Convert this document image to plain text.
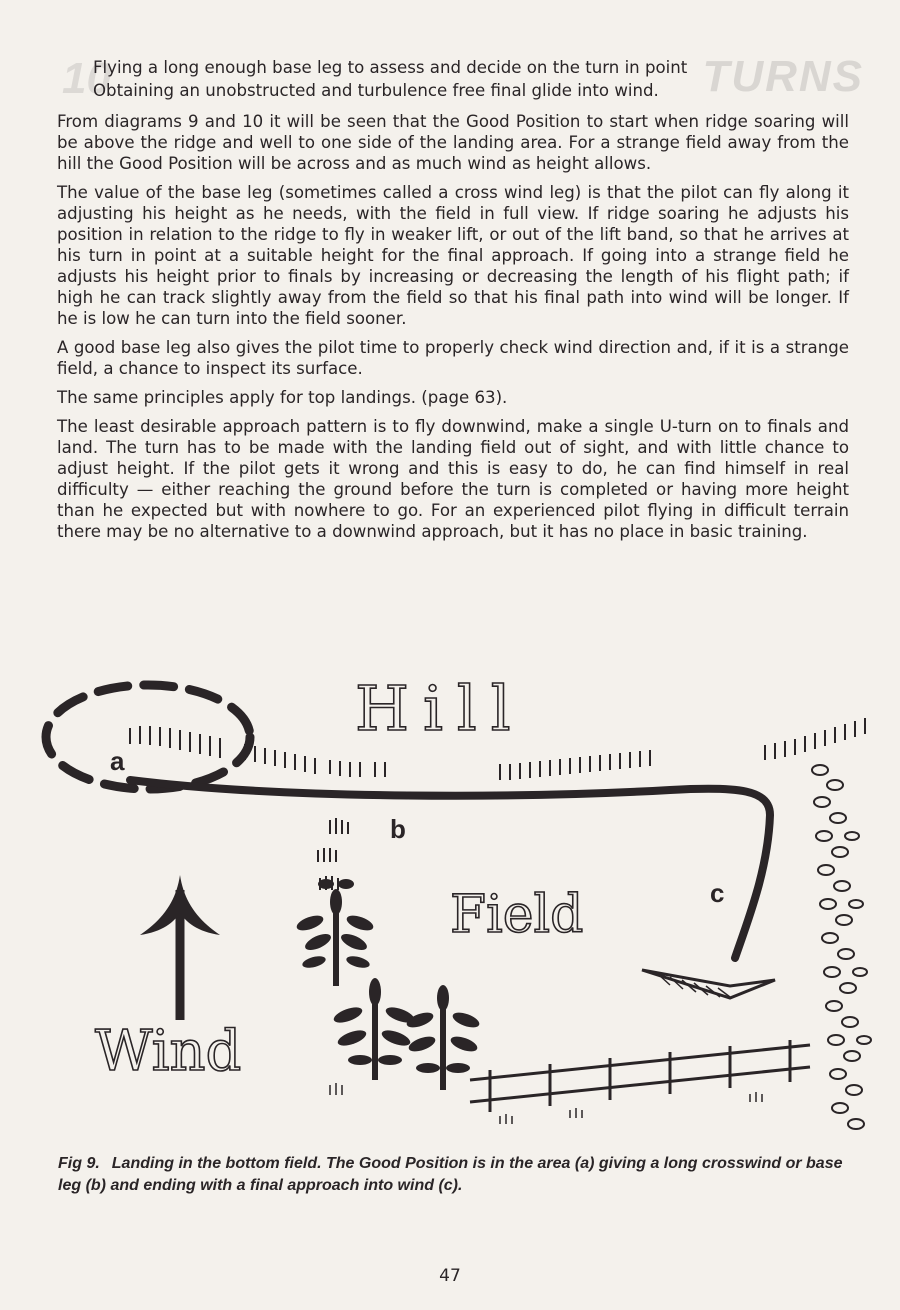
10	TURNS

Flying a long enough base leg to assess and decide on the turn in point

Obtaining an unobstructed and turbulence free final glide into wind.

From diagrams 9 and 10 it will be seen that the Good Position to start when ridge soaring will be above the ridge and well to one side of the landing area. For a strange field away from the hill the Good Position will be across and as much wind as height allows.

The value of the base leg (sometimes called a cross wind leg) is that the pilot can fly along it adjusting his height as he needs, with the field in full view. If ridge soaring he adjusts his position in relation to the ridge to fly in weaker lift, or out of the lift band, so that he arrives at his turn in point at a suitable height for the final approach. If going into a strange field he adjusts his height prior to finals by increasing or decreasing the length of his flight path; if high he can track slightly away from the field so that his final path into wind will be longer. If he is low he can turn into the field sooner.

A good base leg also gives the pilot time to properly check wind direction and, if it is a strange field, a chance to inspect its surface.

The same principles apply for top landings. (page 63).

The least desirable approach pattern is to fly downwind, make a single U-turn on to finals and land. The turn has to be made with the landing field out of sight, and with little chance to adjust height. If the pilot gets it wrong and this is easy to do, he can find himself in real difficulty — either reaching the ground before the turn is completed or having more height than he expected but with nowhere to go. For an experienced pilot flying in difficult terrain there may be no alternative to a downwind approach, but it has no place in basic training.

Hill
Field
Wind
a
b
c
Fig 9. Landing in the bottom field. The Good Position is in the area (a) giving a long crosswind or base leg (b) and ending with a final approach into wind (c).
47
